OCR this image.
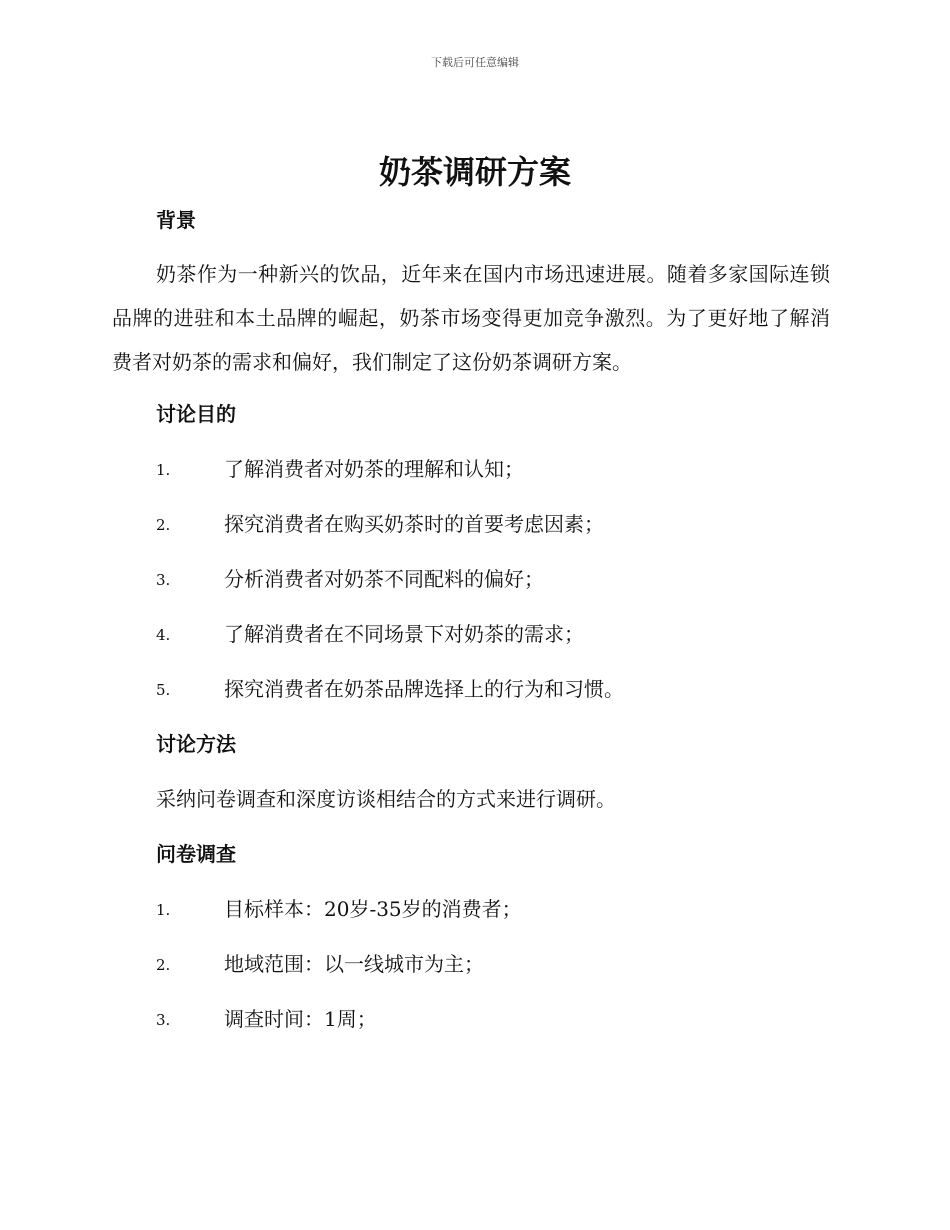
下载后可任意编辑
奶茶调研方案
背景

奶茶作为一种新兴的饮品，近年来在国内市场迅速进展。随着多家国际连锁品牌的进驻和本土品牌的崛起，奶茶市场变得更加竞争激烈。为了更好地了解消费者对奶茶的需求和偏好，我们制定了这份奶茶调研方案。

讨论目的
1.	了解消费者对奶茶的理解和认知；
2.	探究消费者在购买奶茶时的首要考虑因素；
3.	分析消费者对奶茶不同配料的偏好；
4.	了解消费者在不同场景下对奶茶的需求；
5.	探究消费者在奶茶品牌选择上的行为和习惯。
讨论方法

采纳问卷调查和深度访谈相结合的方式来进行调研。

问卷调查
1.	目标样本：20岁-35岁的消费者；
2.	地域范围：以一线城市为主；
3.	调查时间：1周；
